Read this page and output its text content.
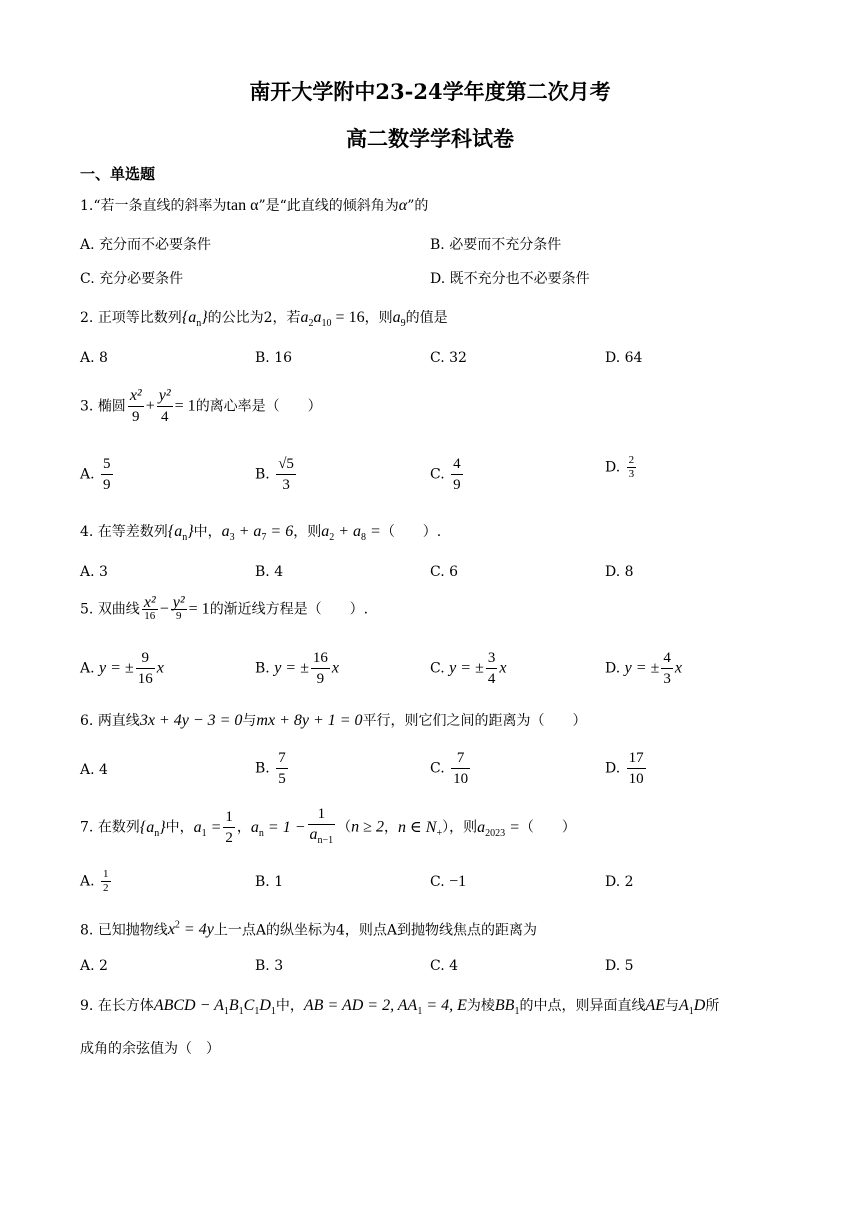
南开大学附中23-24学年度第二次月考
高二数学学科试卷
一、单选题
1.“若一条直线的斜率为tan α”是“此直线的倾斜角为α”的
A. 充分而不必要条件	B. 必要而不充分条件
C. 充分必要条件	D. 既不充分也不必要条件
2. 正项等比数列$\{a_n\}$的公比为2，若$a_2a_{10} = 16$，则$a_9$的值是
A. 8	B. 16	C. 32	D. 64
3. 椭圆 $\frac{\text{x²}}{9} + \frac{\text{y²}}{4} = 1$的离心率是（　　）
A. $\frac{5}{9}$	B. $\frac{√5}{3}$	C. $\frac{4}{9}$	D. $\frac{2}{3}$
4. 在等差数列$\{a_n\}$中，$a_3 + a_7 = 6$，则$a_2 + a_8$ =（　　）.
A. 3	B. 4	C. 6	D. 8
5. 双曲线 $\frac{\text{x²}}{16} - \frac{\text{y²}}{9} = 1$的渐近线方程是（　　）.
A. y = ± $\frac{9}{16}$ x	B. y = ± $\frac{16}{9}$ x	C. y = ± $\frac{3}{4}$ x	D. y = ± $\frac{4}{3}$ x
6. 两直线3x + 4y − 3 = 0与mx + 8y + 1 = 0平行，则它们之间的距离为（　　）
A. 4	B. $\frac{7}{5}$	C. $\frac{7}{10}$	D. $\frac{17}{10}$
7. 在数列$\{a_n\}$中，$a_1 = \frac{1}{2}$ ，$a_n = 1 - \frac{1}{a_{n-1}} (n \ge 2$，n ∈ $N_+$），则$a_{2023}$ =（　　）
A. $\frac{1}{2}$	B. 1	C. −1	D. 2
8. 已知抛物线$x^2 = 4y$上一点A的纵坐标为4，则点A到抛物线焦点的距离为
A. 2	B. 3	C. 4	D. 5
9. 在长方体ABCD − $A_1B_1C_1D_1$中，AB = AD = 2, $AA_1 = 4$, E为棱$BB_1$的中点，则异面直线AE与$A_1D$所
成角的余弦值为（　）
